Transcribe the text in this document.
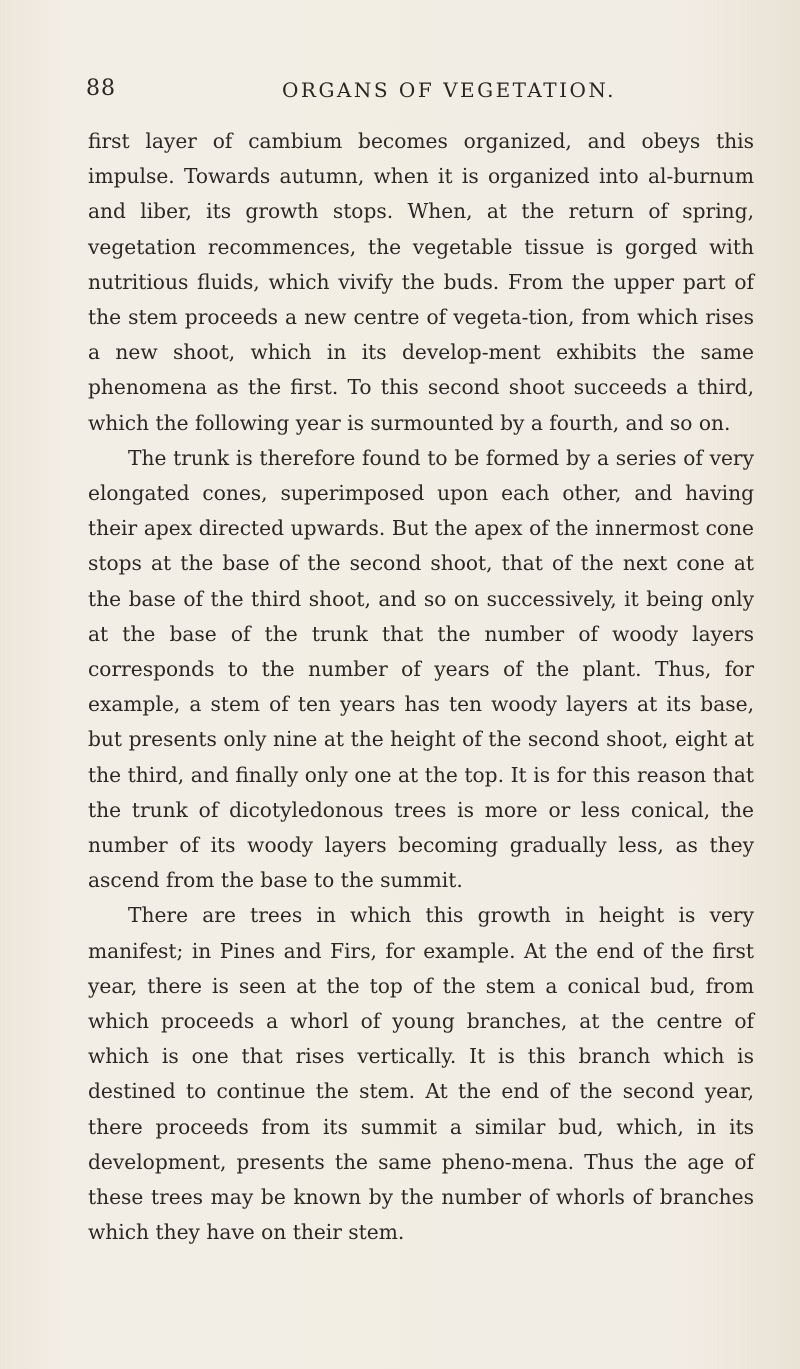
88	ORGANS OF VEGETATION.

first layer of cambium becomes organized, and obeys this impulse. Towards autumn, when it is organized into al-burnum and liber, its growth stops. When, at the return of spring, vegetation recommences, the vegetable tissue is gorged with nutritious fluids, which vivify the buds. From the upper part of the stem proceeds a new centre of vegeta-tion, from which rises a new shoot, which in its develop-ment exhibits the same phenomena as the first. To this second shoot succeeds a third, which the following year is surmounted by a fourth, and so on.

The trunk is therefore found to be formed by a series of very elongated cones, superimposed upon each other, and having their apex directed upwards. But the apex of the innermost cone stops at the base of the second shoot, that of the next cone at the base of the third shoot, and so on successively, it being only at the base of the trunk that the number of woody layers corresponds to the number of years of the plant. Thus, for example, a stem of ten years has ten woody layers at its base, but presents only nine at the height of the second shoot, eight at the third, and finally only one at the top. It is for this reason that the trunk of dicotyledonous trees is more or less conical, the number of its woody layers becoming gradually less, as they ascend from the base to the summit.

There are trees in which this growth in height is very manifest; in Pines and Firs, for example. At the end of the first year, there is seen at the top of the stem a conical bud, from which proceeds a whorl of young branches, at the centre of which is one that rises vertically. It is this branch which is destined to continue the stem. At the end of the second year, there proceeds from its summit a similar bud, which, in its development, presents the same pheno-mena. Thus the age of these trees may be known by the number of whorls of branches which they have on their stem.
